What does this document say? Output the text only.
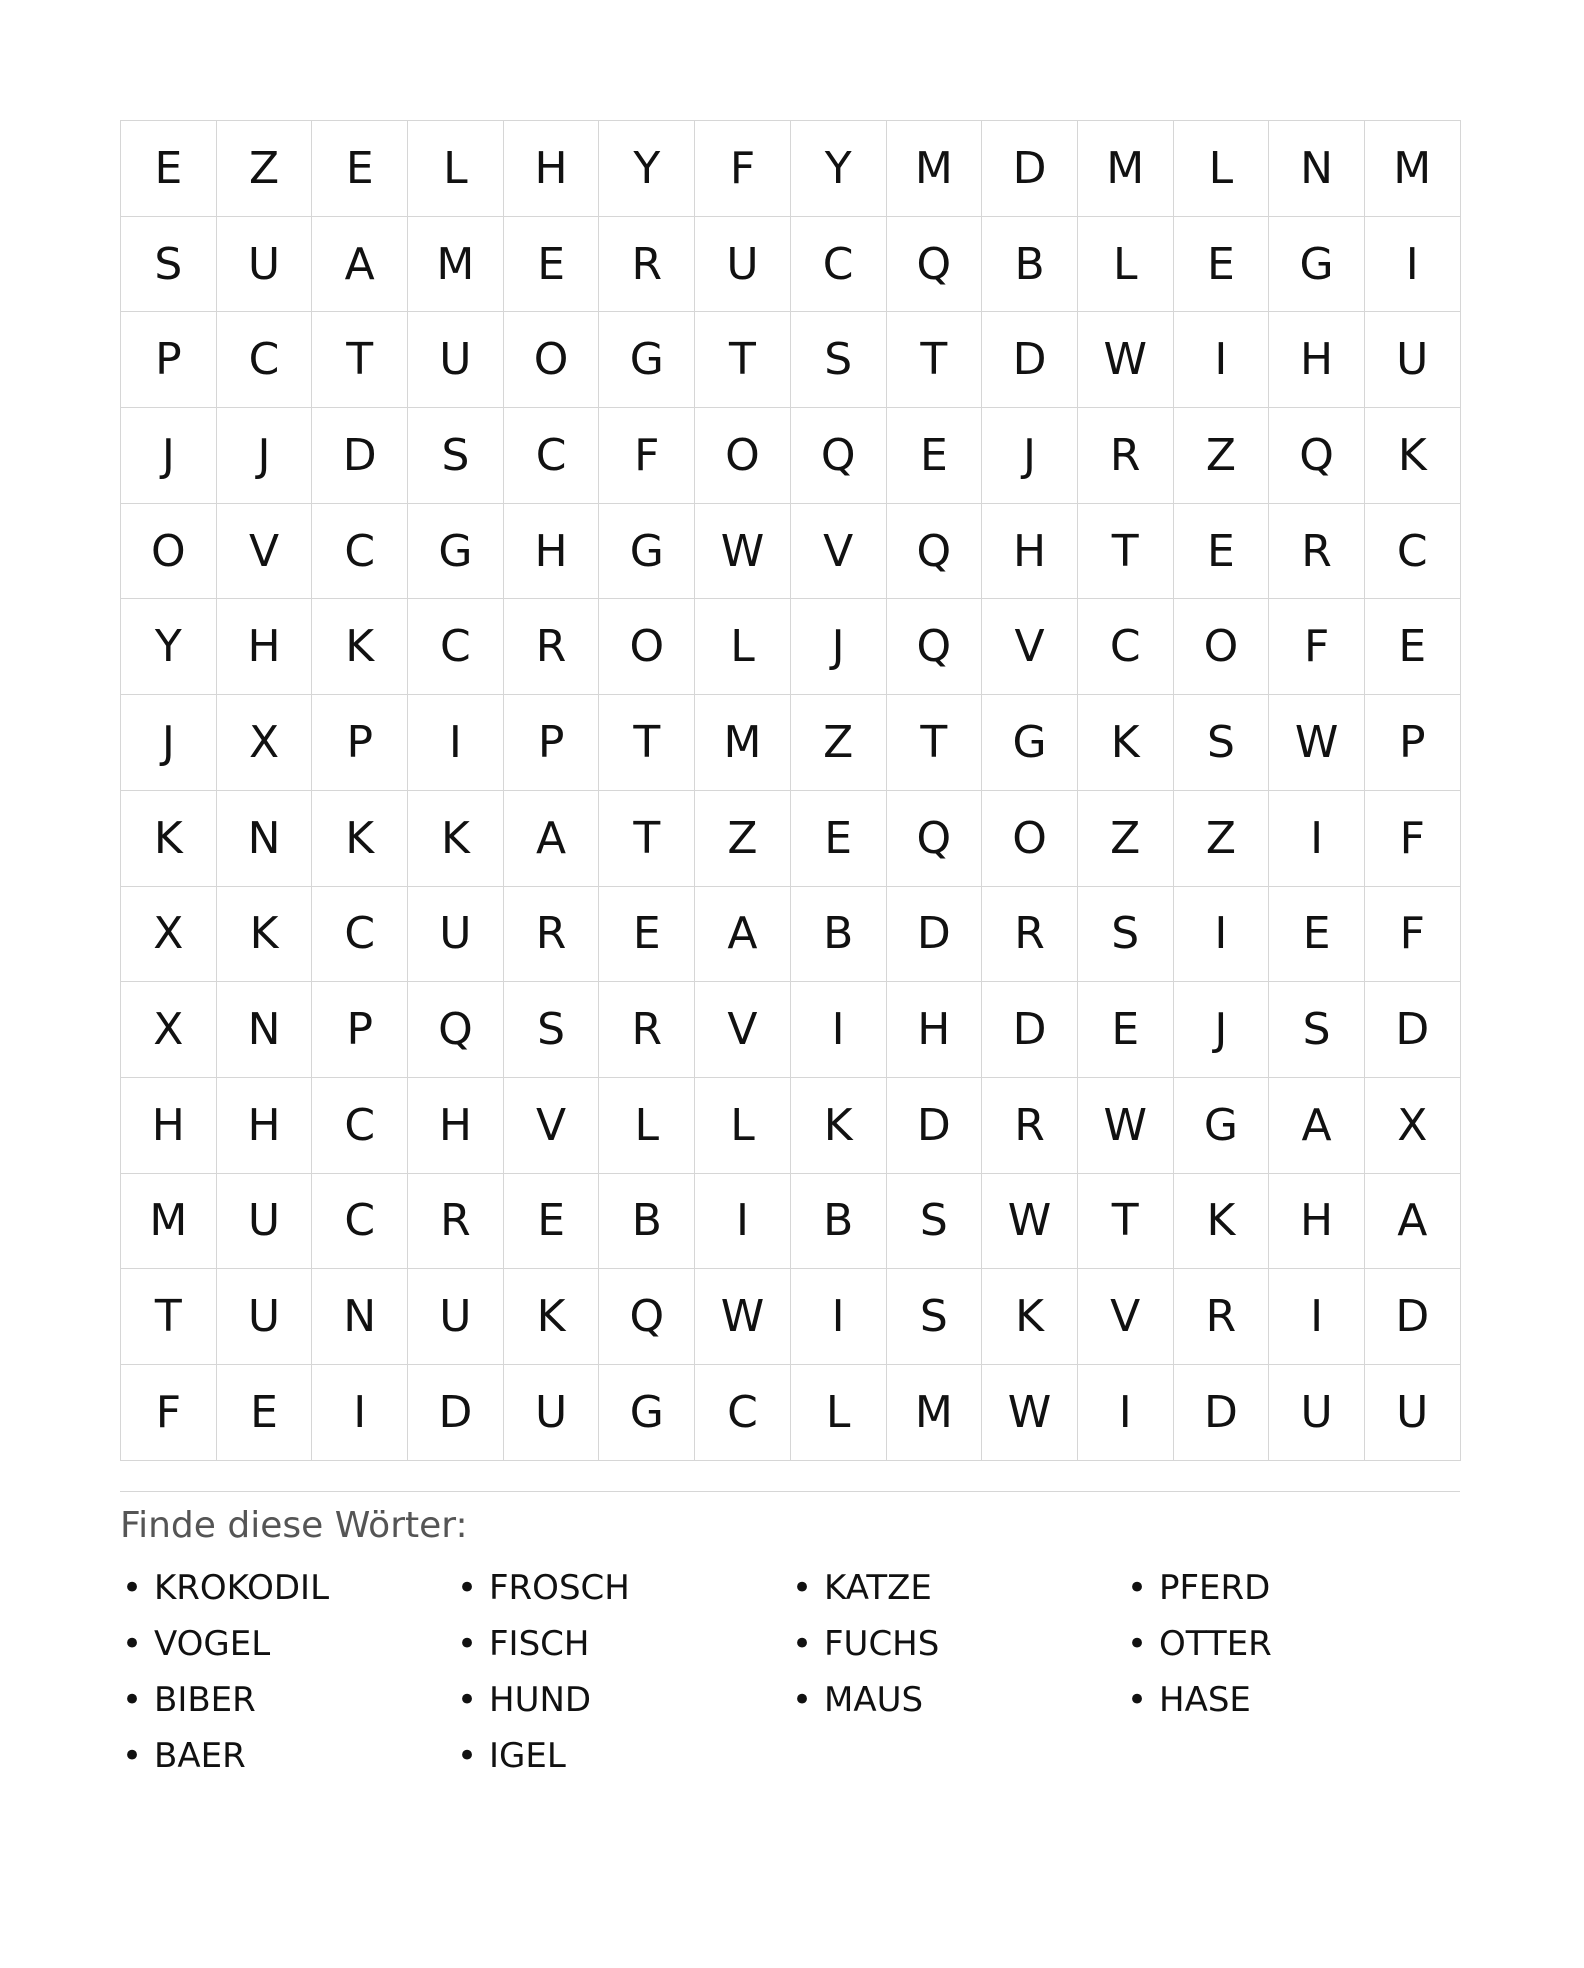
E	Z	E	L	H	Y	F	Y	M	D	M	L	N	M
S	U	A	M	E	R	U	C	Q	B	L	E	G	I
P	C	T	U	O	G	T	S	T	D	W	I	H	U
J	J	D	S	C	F	O	Q	E	J	R	Z	Q	K
O	V	C	G	H	G	W	V	Q	H	T	E	R	C
Y	H	K	C	R	O	L	J	Q	V	C	O	F	E
J	X	P	I	P	T	M	Z	T	G	K	S	W	P
K	N	K	K	A	T	Z	E	Q	O	Z	Z	I	F
X	K	C	U	R	E	A	B	D	R	S	I	E	F
X	N	P	Q	S	R	V	I	H	D	E	J	S	D
H	H	C	H	V	L	L	K	D	R	W	G	A	X
M	U	C	R	E	B	I	B	S	W	T	K	H	A
T	U	N	U	K	Q	W	I	S	K	V	R	I	D
F	E	I	D	U	G	C	L	M	W	I	D	U	U
Finde diese Wörter:
• KROKODIL	• FROSCH	• KATZE	• PFERD
• VOGEL	• FISCH	• FUCHS	• OTTER
• BIBER	• HUND	• MAUS	• HASE
• BAER	• IGEL
